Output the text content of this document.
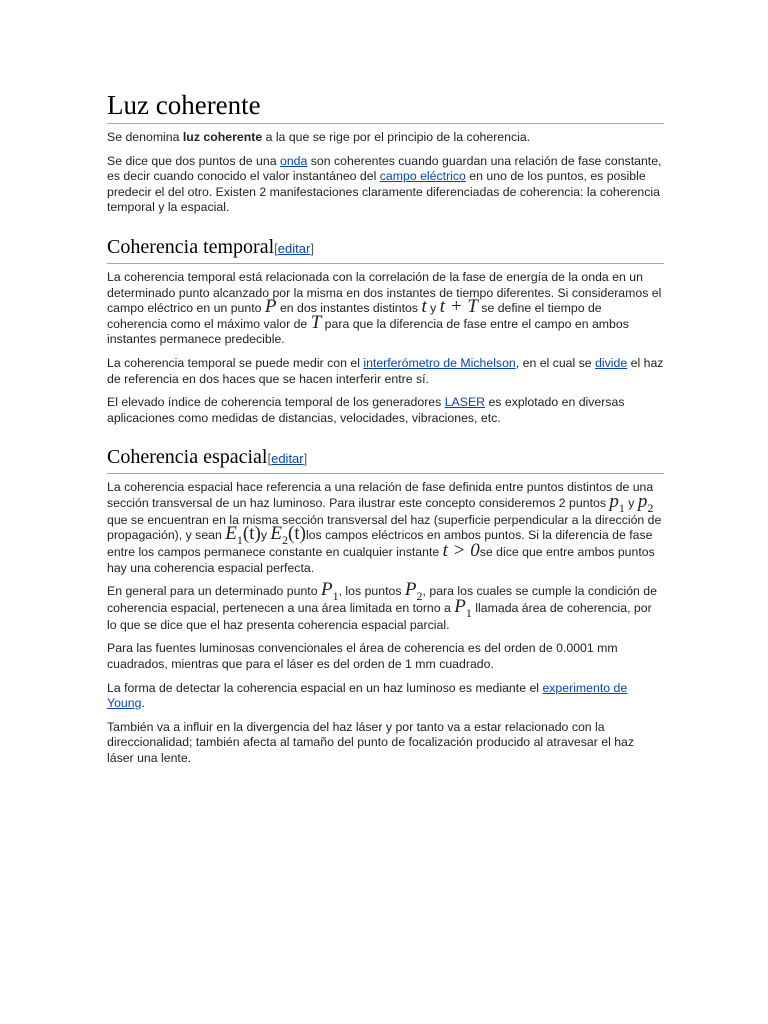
Luz coherente

Se denomina luz coherente a la que se rige por el principio de la coherencia.

Se dice que dos puntos de una onda son coherentes cuando guardan una relación de fase constante, es decir cuando conocido el valor instantáneo del campo eléctrico en uno de los puntos, es posible predecir el del otro. Existen 2 manifestaciones claramente diferenciadas de coherencia: la coherencia temporal y la espacial.

Coherencia temporal[editar]

La coherencia temporal está relacionada con la correlación de la fase de energía de la onda en un determinado punto alcanzado por la misma en dos instantes de tiempo diferentes. Si consideramos el campo eléctrico en un punto P en dos instantes distintos t y t + T se define el tiempo de coherencia como el máximo valor de T para que la diferencia de fase entre el campo en ambos instantes permanece predecible.

La coherencia temporal se puede medir con el interferómetro de Michelson, en el cual se divide el haz de referencia en dos haces que se hacen interferir entre sí.

El elevado índice de coherencia temporal de los generadores LASER es explotado en diversas aplicaciones como medidas de distancias, velocidades, vibraciones, etc.

Coherencia espacial[editar]

La coherencia espacial hace referencia a una relación de fase definida entre puntos distintos de una sección transversal de un haz luminoso. Para ilustrar este concepto consideremos 2 puntos $p_1$ y $p_2$ que se encuentran en la misma sección transversal del haz (superficie perpendicular a la dirección de propagación), y sean $E_1(t)y$ $E_2(t)los$ campos eléctricos en ambos puntos. Si la diferencia de fase entre los campos permanece constante en cualquier instante t > 0se dice que entre ambos puntos hay una coherencia espacial perfecta.

En general para un determinado punto $P_1$, los puntos $P_2$, para los cuales se cumple la condición de coherencia espacial, pertenecen a una área limitada en torno a $P_1$ llamada área de coherencia, por lo que se dice que el haz presenta coherencia espacial parcial.

Para las fuentes luminosas convencionales el área de coherencia es del orden de 0.0001 mm cuadrados, mientras que para el láser es del orden de 1 mm cuadrado.

La forma de detectar la coherencia espacial en un haz luminoso es mediante el experimento de Young.

También va a influir en la divergencia del haz láser y por tanto va a estar relacionado con la direccionalidad; también afecta al tamaño del punto de focalización producido al atravesar el haz láser una lente.
